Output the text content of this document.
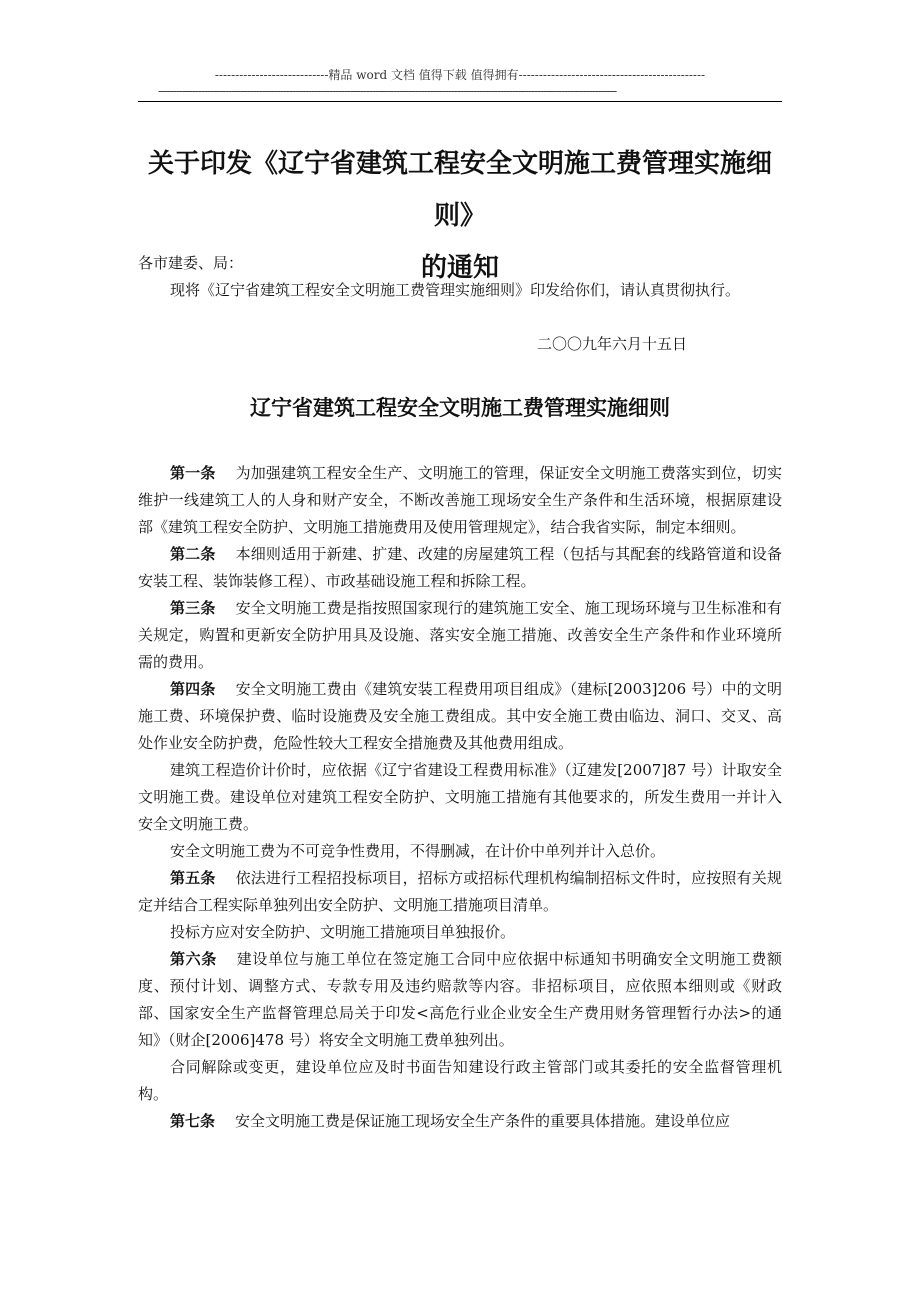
----------------------------精品 word 文档 值得下载 值得拥有----------------------------------------------
------------------------------------------------------------------------------------------------------------------------------------------------------
关于印发《辽宁省建筑工程安全文明施工费管理实施细则》
的通知
各市建委、局：
现将《辽宁省建筑工程安全文明施工费管理实施细则》印发给你们，请认真贯彻执行。
二〇〇九年六月十五日
辽宁省建筑工程安全文明施工费管理实施细则

第一条 为加强建筑工程安全生产、文明施工的管理，保证安全文明施工费落实到位，切实维护一线建筑工人的人身和财产安全，不断改善施工现场安全生产条件和生活环境，根据原建设部《建筑工程安全防护、文明施工措施费用及使用管理规定》，结合我省实际，制定本细则。

第二条 本细则适用于新建、扩建、改建的房屋建筑工程（包括与其配套的线路管道和设备安装工程、装饰装修工程）、市政基础设施工程和拆除工程。

第三条 安全文明施工费是指按照国家现行的建筑施工安全、施工现场环境与卫生标准和有关规定，购置和更新安全防护用具及设施、落实安全施工措施、改善安全生产条件和作业环境所需的费用。

第四条 安全文明施工费由《建筑安装工程费用项目组成》（建标[2003]206 号）中的文明施工费、环境保护费、临时设施费及安全施工费组成。其中安全施工费由临边、洞口、交叉、高处作业安全防护费，危险性较大工程安全措施费及其他费用组成。

建筑工程造价计价时，应依据《辽宁省建设工程费用标准》（辽建发[2007]87 号）计取安全文明施工费。建设单位对建筑工程安全防护、文明施工措施有其他要求的，所发生费用一并计入安全文明施工费。

安全文明施工费为不可竞争性费用，不得删减，在计价中单列并计入总价。

第五条 依法进行工程招投标项目，招标方或招标代理机构编制招标文件时，应按照有关规定并结合工程实际单独列出安全防护、文明施工措施项目清单。

投标方应对安全防护、文明施工措施项目单独报价。

第六条 建设单位与施工单位在签定施工合同中应依据中标通知书明确安全文明施工费额度、预付计划、调整方式、专款专用及违约赔款等内容。非招标项目，应依照本细则或《财政部、国家安全生产监督管理总局关于印发<高危行业企业安全生产费用财务管理暂行办法>的通知》（财企[2006]478 号）将安全文明施工费单独列出。

合同解除或变更，建设单位应及时书面告知建设行政主管部门或其委托的安全监督管理机构。

第七条 安全文明施工费是保证施工现场安全生产条件的重要具体措施。建设单位应
